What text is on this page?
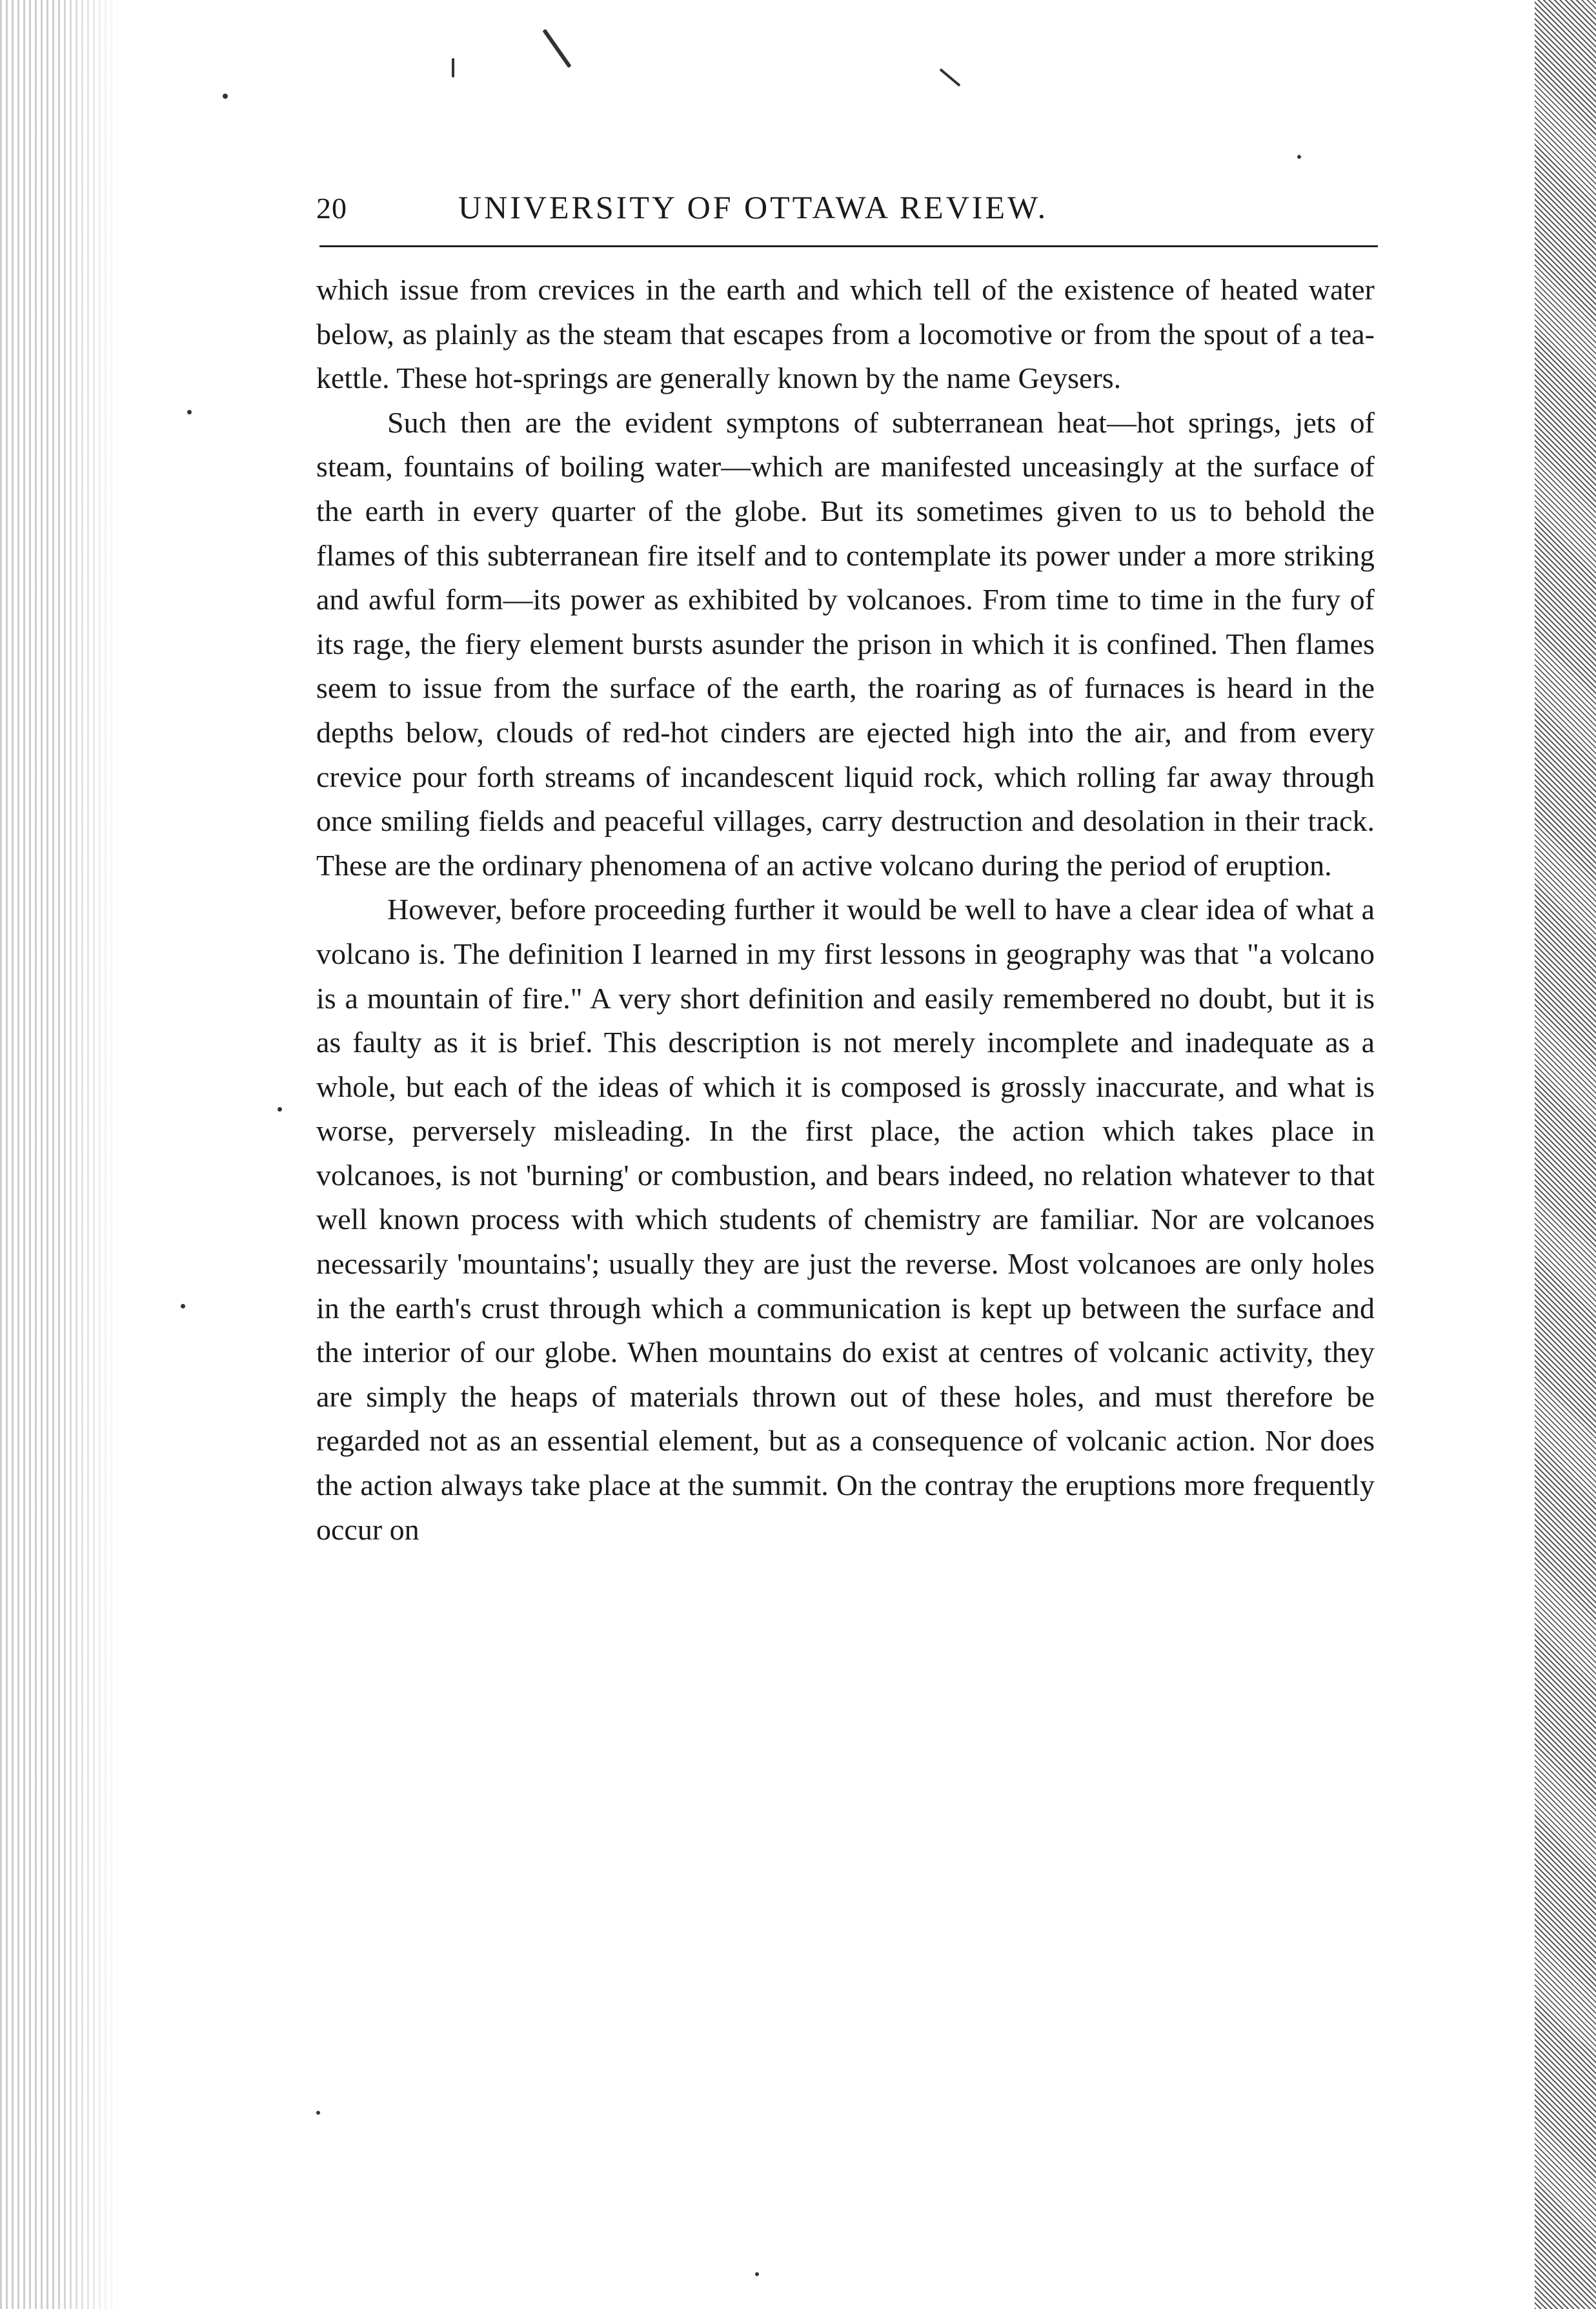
20	UNIVERSITY OF OTTAWA REVIEW.

which issue from crevices in the earth and which tell of the existence of heated water below, as plainly as the steam that escapes from a locomotive or from the spout of a tea-kettle. These hot-springs are generally known by the name Geysers.

Such then are the evident symptons of subterranean heat—hot springs, jets of steam, fountains of boiling water—which are manifested unceasingly at the surface of the earth in every quarter of the globe. But its sometimes given to us to behold the flames of this subterranean fire itself and to contemplate its power under a more striking and awful form—its power as exhibited by volcanoes. From time to time in the fury of its rage, the fiery element bursts asunder the prison in which it is confined. Then flames seem to issue from the surface of the earth, the roaring as of furnaces is heard in the depths below, clouds of red-hot cinders are ejected high into the air, and from every crevice pour forth streams of incandescent liquid rock, which rolling far away through once smiling fields and peaceful villages, carry destruction and desolation in their track. These are the ordinary phenomena of an active volcano during the period of eruption.

However, before proceeding further it would be well to have a clear idea of what a volcano is. The definition I learned in my first lessons in geography was that "a volcano is a mountain of fire." A very short definition and easily remembered no doubt, but it is as faulty as it is brief. This description is not merely incomplete and inadequate as a whole, but each of the ideas of which it is composed is grossly inaccurate, and what is worse, perversely misleading. In the first place, the action which takes place in volcanoes, is not 'burning' or combustion, and bears indeed, no relation whatever to that well known process with which students of chemistry are familiar. Nor are volcanoes necessarily 'mountains'; usually they are just the reverse. Most volcanoes are only holes in the earth's crust through which a communication is kept up between the surface and the interior of our globe. When mountains do exist at centres of volcanic activity, they are simply the heaps of materials thrown out of these holes, and must therefore be regarded not as an essential element, but as a consequence of volcanic action. Nor does the action always take place at the summit. On the contray the eruptions more frequently occur on
